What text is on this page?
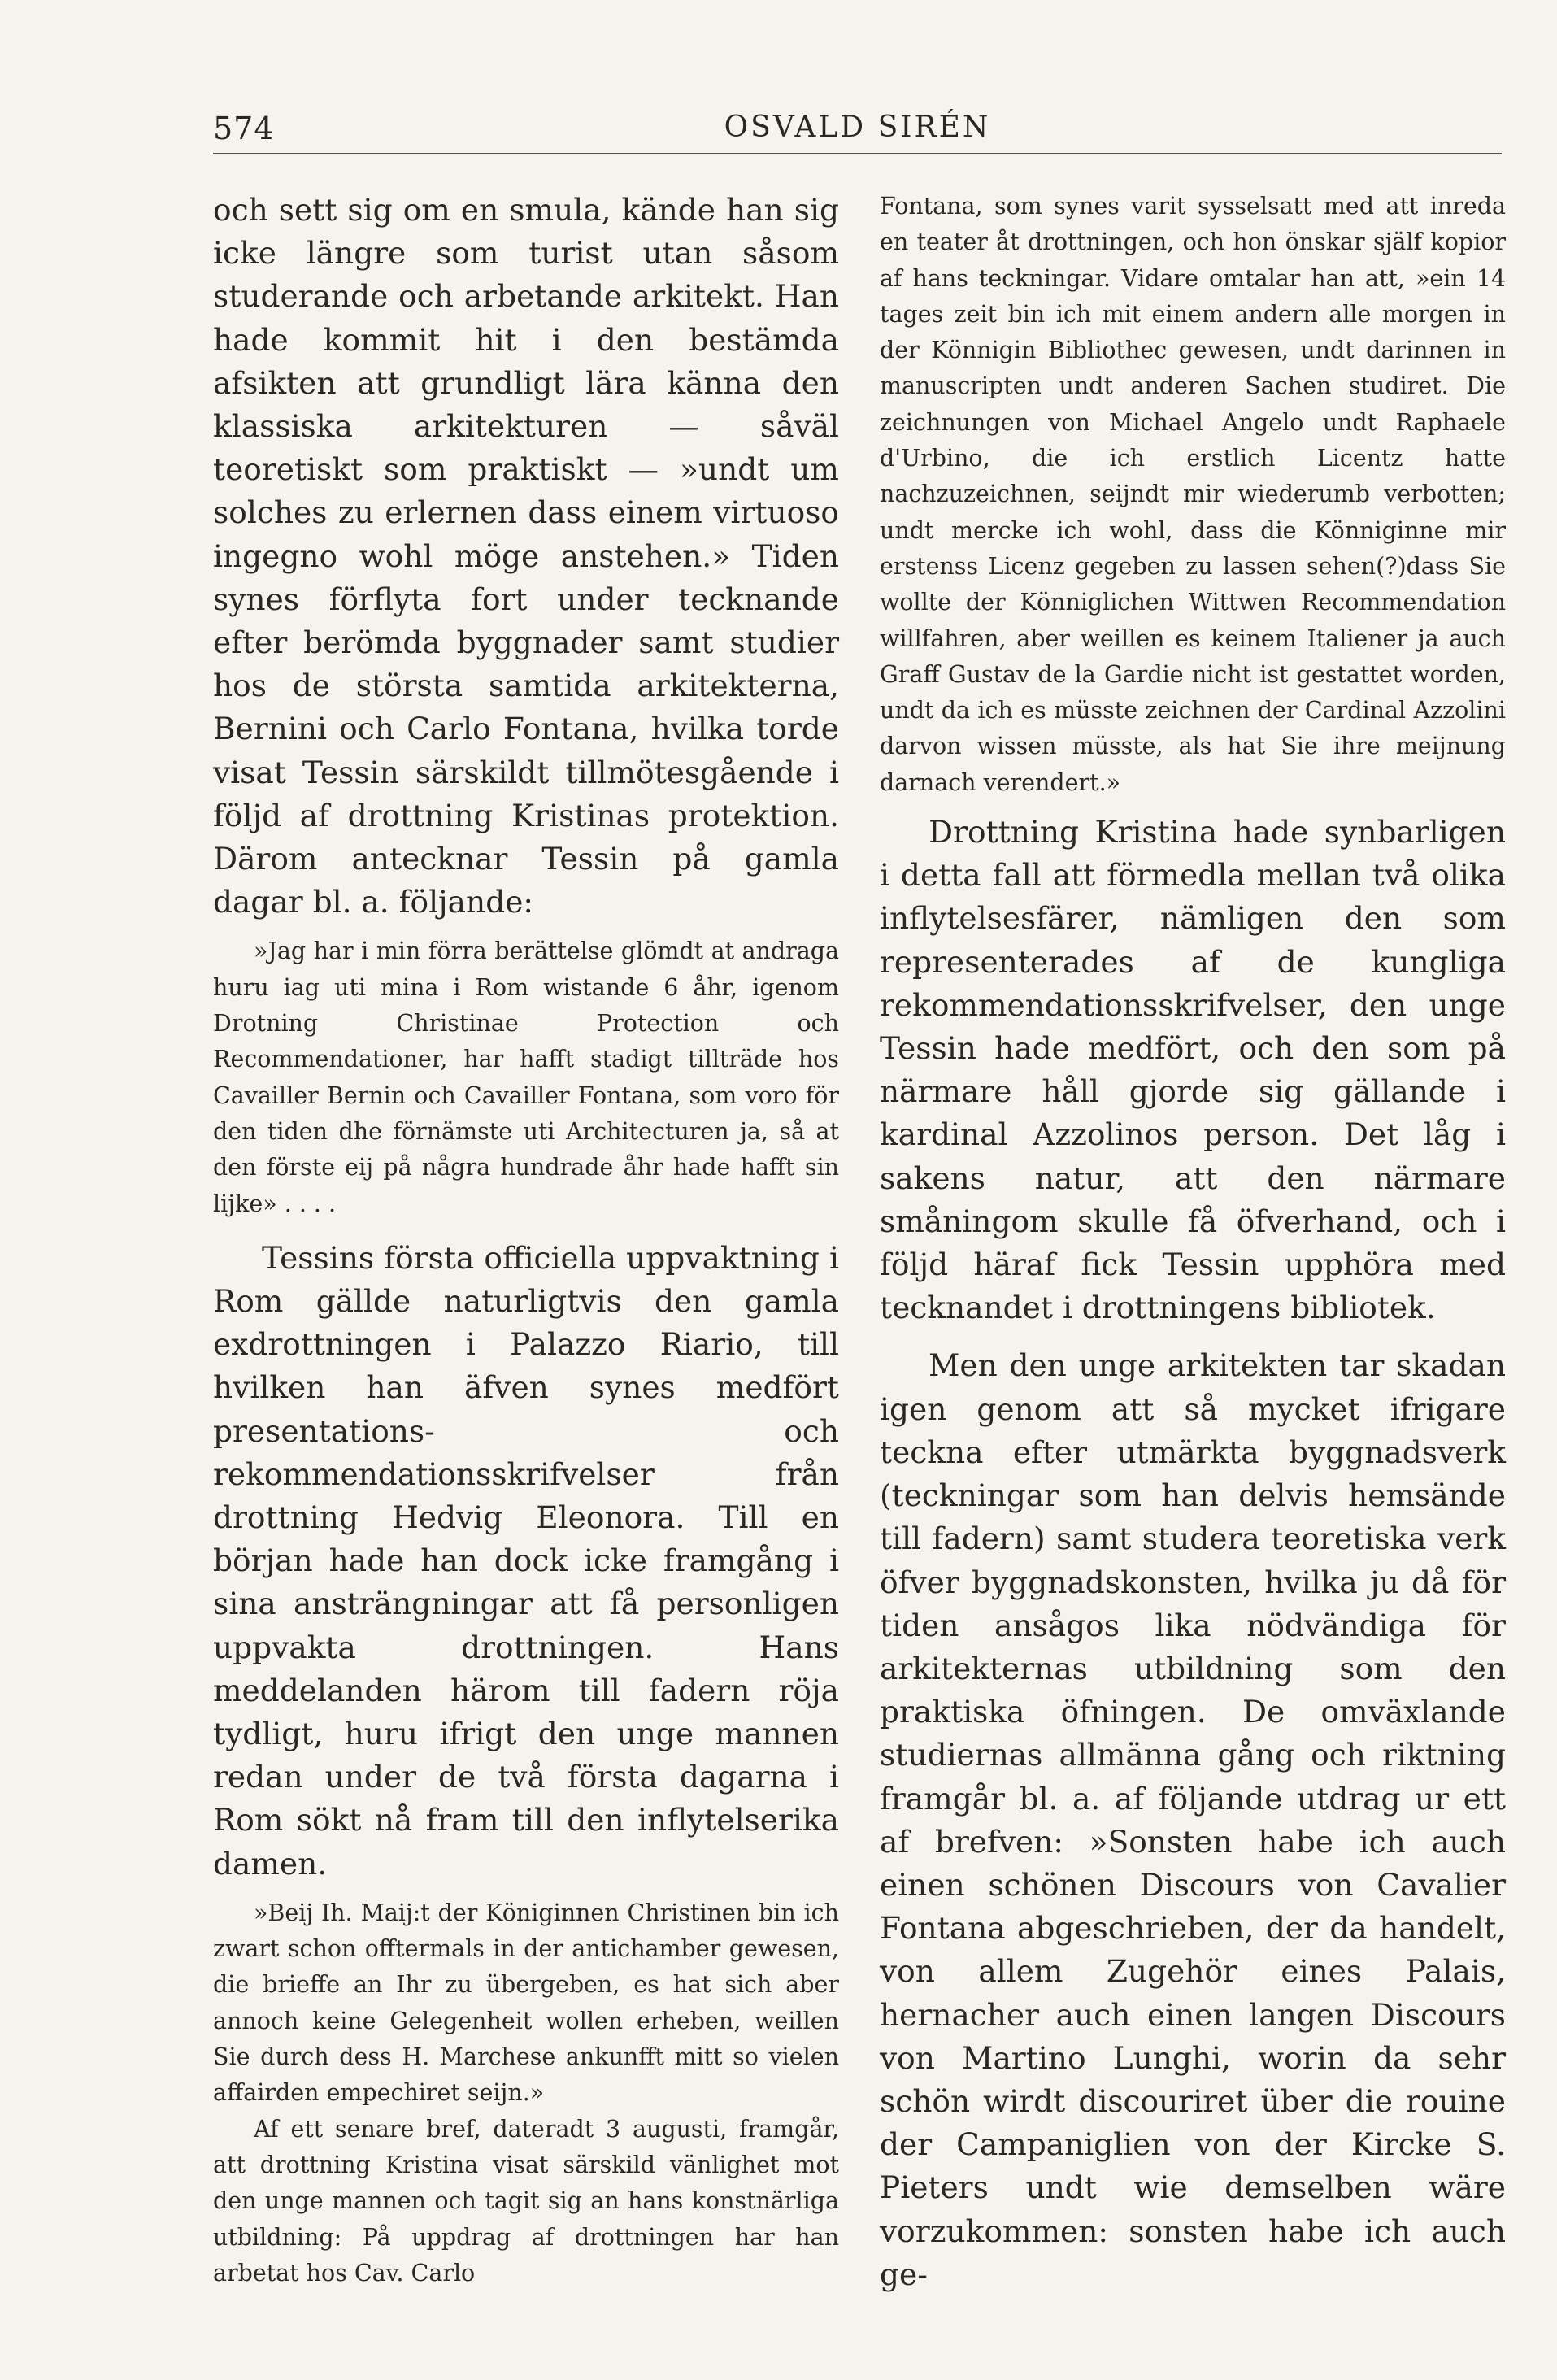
574	OSVALD SIRÉN

och sett sig om en smula, kände han sig icke längre som turist utan såsom studerande och arbetande arkitekt. Han hade kommit hit i den bestämda afsikten att grundligt lära känna den klassiska arkitekturen — såväl teoretiskt som praktiskt — »undt um solches zu erlernen dass einem virtuoso ingegno wohl möge anstehen.» Tiden synes förflyta fort under tecknande efter berömda byggnader samt studier hos de största samtida arkitekterna, Bernini och Carlo Fontana, hvilka torde visat Tessin särskildt tillmötesgående i följd af drottning Kristinas protektion. Därom antecknar Tessin på gamla dagar bl. a. följande:

»Jag har i min förra berättelse glömdt at andraga huru iag uti mina i Rom wistande 6 åhr, igenom Drotning Christinae Protection och Recommendationer, har hafft stadigt tillträde hos Cavailler Bernin och Cavailler Fontana, som voro för den tiden dhe förnämste uti Architecturen ja, så at den förste eij på några hundrade åhr hade hafft sin lijke» . . . .

Tessins första officiella uppvaktning i Rom gällde naturligtvis den gamla exdrottningen i Palazzo Riario, till hvilken han äfven synes medfört presentations- och rekommendationsskrifvelser från drottning Hedvig Eleonora. Till en början hade han dock icke framgång i sina ansträngningar att få personligen uppvakta drottningen. Hans meddelanden härom till fadern röja tydligt, huru ifrigt den unge mannen redan under de två första dagarna i Rom sökt nå fram till den inflytelserika damen.

»Beij Ih. Maij:t der Königinnen Christinen bin ich zwart schon offtermals in der antichamber gewesen, die brieffe an Ihr zu übergeben, es hat sich aber annoch keine Gelegenheit wollen erheben, weillen Sie durch dess H. Marchese ankunfft mitt so vielen affairden empechiret seijn.»

Af ett senare bref, dateradt 3 augusti, framgår, att drottning Kristina visat särskild vänlighet mot den unge mannen och tagit sig an hans konstnärliga utbildning: På uppdrag af drottningen har han arbetat hos Cav. Carlo

Fontana, som synes varit sysselsatt med att inreda en teater åt drottningen, och hon önskar själf kopior af hans teckningar. Vidare omtalar han att, »ein 14 tages zeit bin ich mit einem andern alle morgen in der Könnigin Bibliothec gewesen, undt darinnen in manuscripten undt anderen Sachen studiret. Die zeichnungen von Michael Angelo undt Raphaele d'Urbino, die ich erstlich Licentz hatte nachzuzeichnen, seijndt mir wiederumb verbotten; undt mercke ich wohl, dass die Könniginne mir erstenss Licenz gegeben zu lassen sehen(?)dass Sie wollte der Könniglichen Wittwen Recommendation willfahren, aber weillen es keinem Italiener ja auch Graff Gustav de la Gardie nicht ist gestattet worden, undt da ich es müsste zeichnen der Cardinal Azzolini darvon wissen müsste, als hat Sie ihre meijnung darnach verendert.»

Drottning Kristina hade synbarligen i detta fall att förmedla mellan två olika inflytelsesfärer, nämligen den som representerades af de kungliga rekommendationsskrifvelser, den unge Tessin hade medfört, och den som på närmare håll gjorde sig gällande i kardinal Azzolinos person. Det låg i sakens natur, att den närmare småningom skulle få öfverhand, och i följd häraf fick Tessin upphöra med tecknandet i drottningens bibliotek.

Men den unge arkitekten tar skadan igen genom att så mycket ifrigare teckna efter utmärkta byggnadsverk (teckningar som han delvis hemsände till fadern) samt studera teoretiska verk öfver byggnadskonsten, hvilka ju då för tiden ansågos lika nödvändiga för arkitekternas utbildning som den praktiska öfningen. De omväxlande studiernas allmänna gång och riktning framgår bl. a. af följande utdrag ur ett af brefven: »Sonsten habe ich auch einen schönen Discours von Cavalier Fontana abgeschrieben, der da handelt, von allem Zugehör eines Palais, hernacher auch einen langen Discours von Martino Lunghi, worin da sehr schön wirdt discouriret über die rouine der Campaniglien von der Kircke S. Pieters undt wie demselben wäre vorzukommen: sonsten habe ich auch ge-
